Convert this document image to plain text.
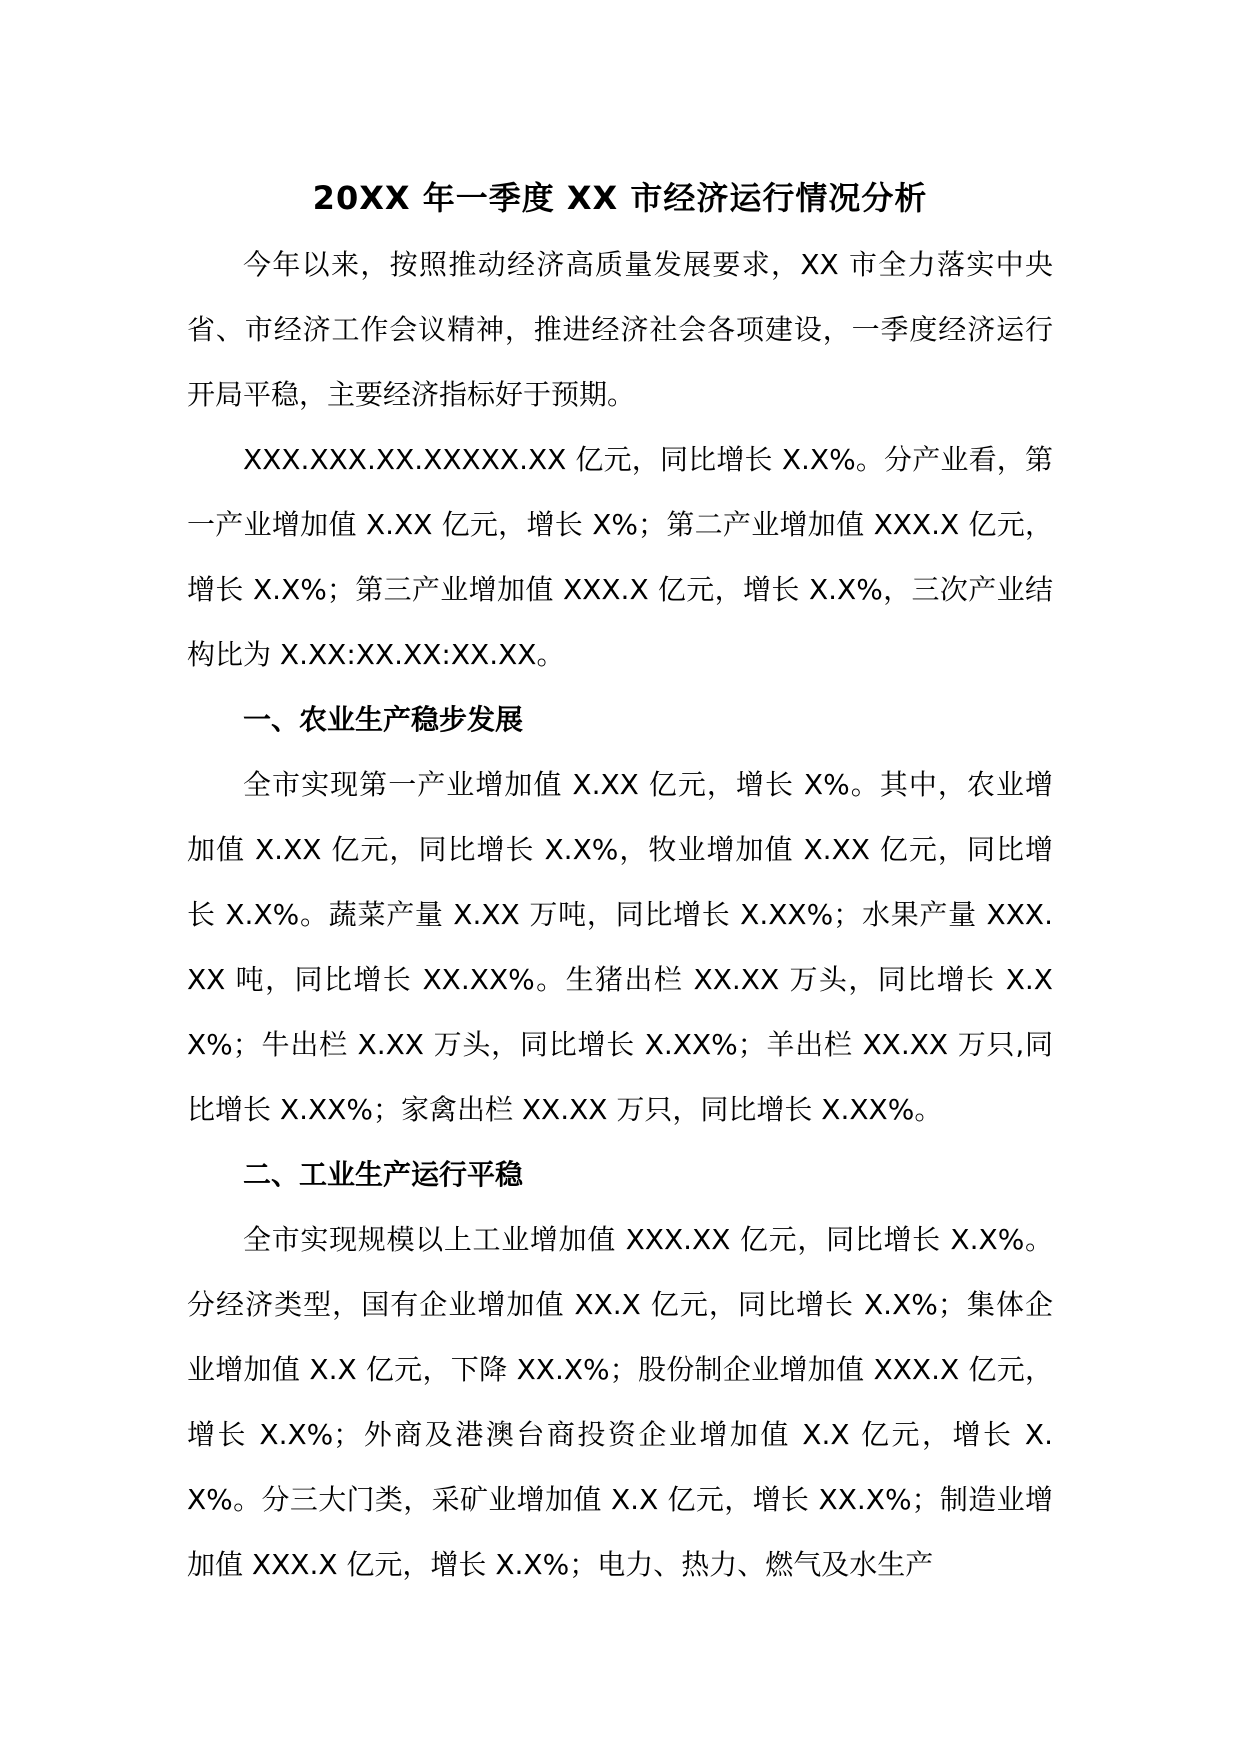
20XX 年一季度 XX 市经济运行情况分析

今年以来，按照推动经济高质量发展要求，XX 市全力落实中央省、市经济工作会议精神，推进经济社会各项建设，一季度经济运行开局平稳，主要经济指标好于预期。

XXX.XXX.XX.XXXXX.XX 亿元，同比增长 X.X%。分产业看，第一产业增加值 X.XX 亿元，增长 X%；第二产业增加值 XXX.X 亿元，增长 X.X%；第三产业增加值 XXX.X 亿元，增长 X.X%，三次产业结构比为 X.XX:XX.XX:XX.XX。

一、农业生产稳步发展

全市实现第一产业增加值 X.XX 亿元，增长 X%。其中，农业增加值 X.XX 亿元，同比增长 X.X%，牧业增加值 X.XX 亿元，同比增长 X.X%。蔬菜产量 X.XX 万吨，同比增长 X.XX%；水果产量 XXX.XX 吨，同比增长 XX.XX%。生猪出栏 XX.XX 万头，同比增长 X.XX%；牛出栏 X.XX 万头，同比增长 X.XX%；羊出栏 XX.XX 万只,同比增长 X.XX%；家禽出栏 XX.XX 万只，同比增长 X.XX%。

二、工业生产运行平稳

全市实现规模以上工业增加值 XXX.XX 亿元，同比增长 X.X%。分经济类型，国有企业增加值 XX.X 亿元，同比增长 X.X%；集体企业增加值 X.X 亿元，下降 XX.X%；股份制企业增加值 XXX.X 亿元，增长 X.X%；外商及港澳台商投资企业增加值 X.X 亿元，增长 X.X%。分三大门类，采矿业增加值 X.X 亿元，增长 XX.X%；制造业增加值 XXX.X 亿元，增长 X.X%；电力、热力、燃气及水生产
